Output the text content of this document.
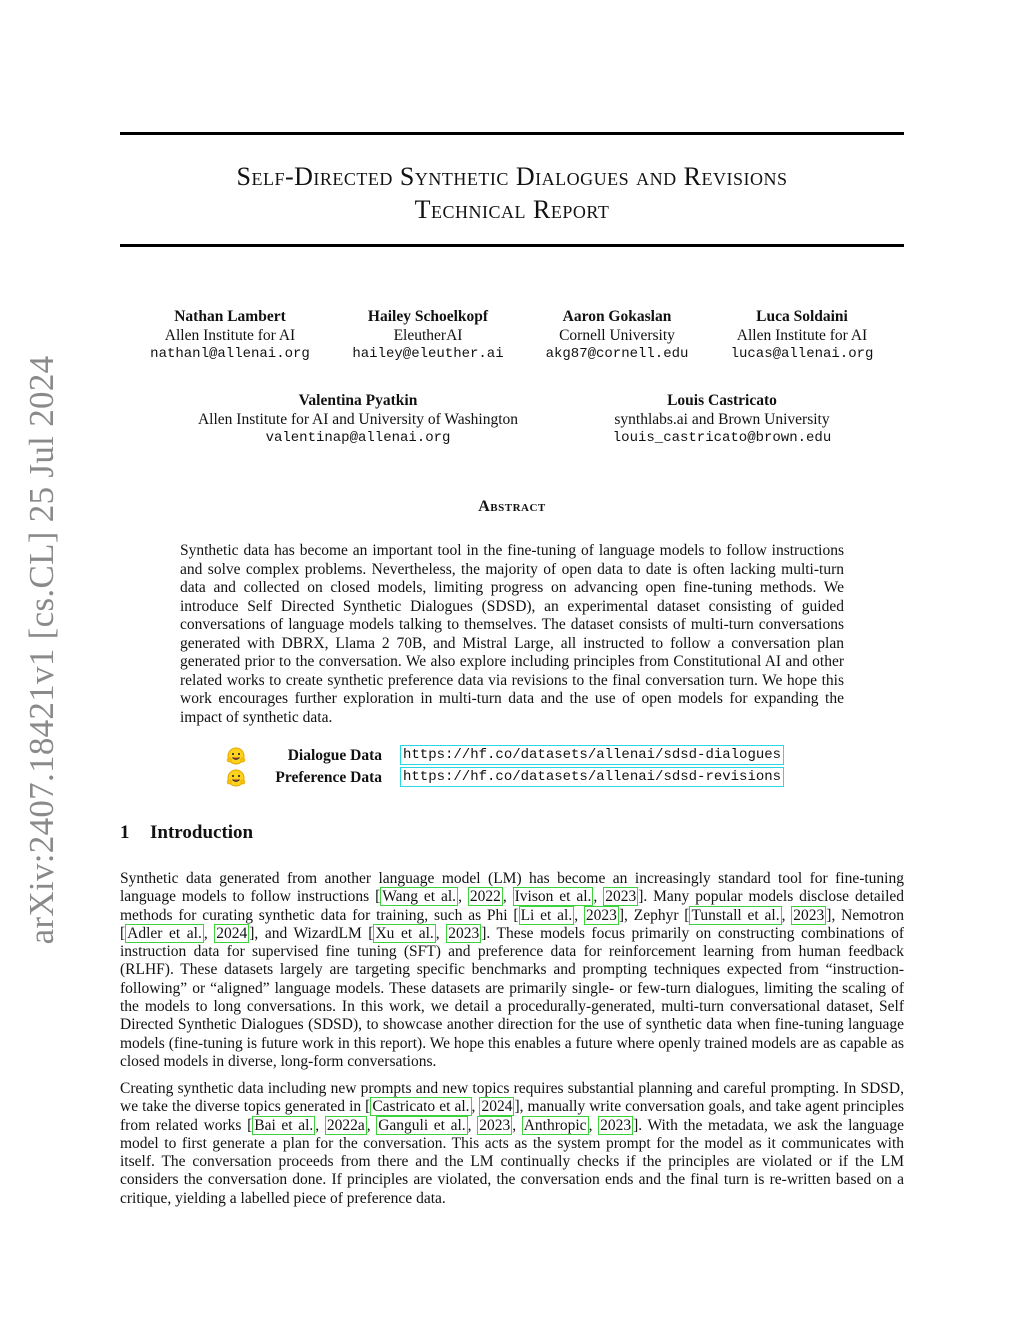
arXiv:2407.18421v1 [cs.CL] 25 Jul 2024
Self-Directed Synthetic Dialogues and Revisions
Technical Report
Nathan Lambert
Allen Institute for AI
nathanl@allenai.org
Hailey Schoelkopf
EleutherAI
hailey@eleuther.ai
Aaron Gokaslan
Cornell University
akg87@cornell.edu
Luca Soldaini
Allen Institute for AI
lucas@allenai.org
Valentina Pyatkin
Allen Institute for AI and University of Washington
valentinap@allenai.org
Louis Castricato
synthlabs.ai and Brown University
louis_castricato@brown.edu
Abstract
Synthetic data has become an important tool in the fine-tuning of language models to follow instructions and solve complex problems. Nevertheless, the majority of open data to date is often lacking multi-turn data and collected on closed models, limiting progress on advancing open fine-tuning methods. We introduce Self Directed Synthetic Dialogues (SDSD), an experimental dataset consisting of guided conversations of language models talking to themselves. The dataset consists of multi-turn conversations generated with DBRX, Llama 2 70B, and Mistral Large, all instructed to follow a conversation plan generated prior to the conversation. We also explore including principles from Constitutional AI and other related works to create synthetic preference data via revisions to the final conversation turn. We hope this work encourages further exploration in multi-turn data and the use of open models for expanding the impact of synthetic data.
Dialogue Data https://hf.co/datasets/allenai/sdsd-dialogues
Preference Data https://hf.co/datasets/allenai/sdsd-revisions
1 Introduction
Synthetic data generated from another language model (LM) has become an increasingly standard tool for fine-tuning language models to follow instructions [ Wang et al. , 2022 , Ivison et al. , 2023 ]. Many popular models disclose detailed methods for curating synthetic data for training, such as Phi [ Li et al. , 2023 ], Zephyr [ Tunstall et al. , 2023 ], Nemotron [ Adler et al. , 2024 ], and WizardLM [ Xu et al. , 2023 ]. These models focus primarily on constructing combinations of instruction data for supervised fine tuning (SFT) and preference data for reinforcement learning from human feedback (RLHF). These datasets largely are targeting specific benchmarks and prompting techniques expected from “instruction-following” or “aligned” language models. These datasets are primarily single- or few-turn dialogues, limiting the scaling of the models to long conversations. In this work, we detail a procedurally-generated, multi-turn conversational dataset, Self Directed Synthetic Dialogues (SDSD), to showcase another direction for the use of synthetic data when fine-tuning language models (fine-tuning is future work in this report). We hope this enables a future where openly trained models are as capable as closed models in diverse, long-form conversations.
Creating synthetic data including new prompts and new topics requires substantial planning and careful prompting. In SDSD, we take the diverse topics generated in [ Castricato et al. , 2024 ], manually write conversation goals, and take agent principles from related works [ Bai et al. , 2022a , Ganguli et al. , 2023 , Anthropic , 2023 ]. With the metadata, we ask the language model to first generate a plan for the conversation. This acts as the system prompt for the model as it communicates with itself. The conversation proceeds from there and the LM continually checks if the principles are violated or if the LM considers the conversation done. If principles are violated, the conversation ends and the final turn is re-written based on a critique, yielding a labelled piece of preference data.
